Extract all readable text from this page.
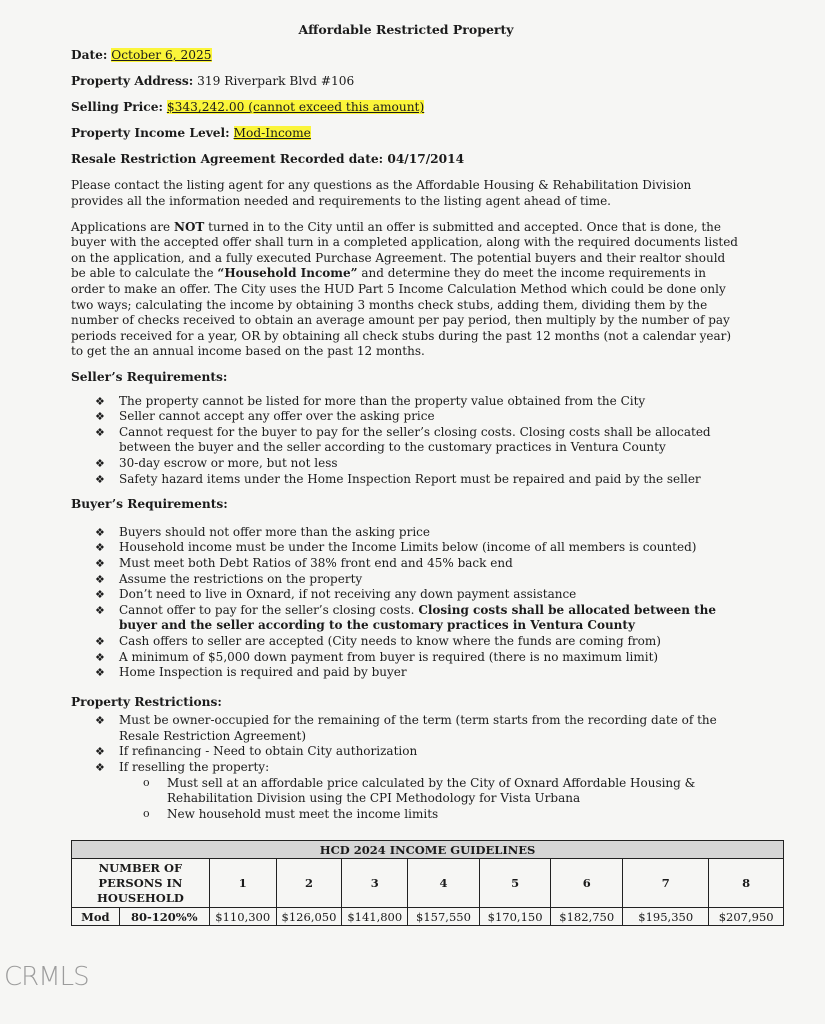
Affordable Restricted Property
Date: October 6, 2025
Property Address: 319 Riverpark Blvd #106
Selling Price: $343,242.00 (cannot exceed this amount)
Property Income Level: Mod-Income
Resale Restriction Agreement Recorded date: 04/17/2014

Please contact the listing agent for any questions as the Affordable Housing & Rehabilitation Division provides all the information needed and requirements to the listing agent ahead of time.

Applications are NOT turned in to the City until an offer is submitted and accepted. Once that is done, the buyer with the accepted offer shall turn in a completed application, along with the required documents listed on the application, and a fully executed Purchase Agreement. The potential buyers and their realtor should be able to calculate the “Household Income” and determine they do meet the income requirements in order to make an offer. The City uses the HUD Part 5 Income Calculation Method which could be done only two ways; calculating the income by obtaining 3 months check stubs, adding them, dividing them by the number of checks received to obtain an average amount per pay period, then multiply by the number of pay periods received for a year, OR by obtaining all check stubs during the past 12 months (not a calendar year) to get the an annual income based on the past 12 months.

Seller’s Requirements:
❖ The property cannot be listed for more than the property value obtained from the City
❖ Seller cannot accept any offer over the asking price
❖ Cannot request for the buyer to pay for the seller’s closing costs. Closing costs shall be allocated between the buyer and the seller according to the customary practices in Ventura County
❖ 30-day escrow or more, but not less
❖ Safety hazard items under the Home Inspection Report must be repaired and paid by the seller
Buyer’s Requirements:
❖ Buyers should not offer more than the asking price
❖ Household income must be under the Income Limits below (income of all members is counted)
❖ Must meet both Debt Ratios of 38% front end and 45% back end
❖ Assume the restrictions on the property
❖ Don’t need to live in Oxnard, if not receiving any down payment assistance
❖ Cannot offer to pay for the seller’s closing costs. Closing costs shall be allocated between the buyer and the seller according to the customary practices in Ventura County
❖ Cash offers to seller are accepted (City needs to know where the funds are coming from)
❖ A minimum of $5,000 down payment from buyer is required (there is no maximum limit)
❖ Home Inspection is required and paid by buyer
Property Restrictions:
❖ Must be owner-occupied for the remaining of the term (term starts from the recording date of the Resale Restriction Agreement)
❖ If refinancing - Need to obtain City authorization
❖ If reselling the property:
o Must sell at an affordable price calculated by the City of Oxnard Affordable Housing & Rehabilitation Division using the CPI Methodology for Vista Urbana
o New household must meet the income limits
HCD 2024 INCOME GUIDELINES									
NUMBER OF PERSONS IN HOUSEHOLD		1	2	3	4	5	6	7	8
Mod	80-120%%	$110,300	$126,050	$141,800	$157,550	$170,150	$182,750	$195,350	$207,950
CRMLS
